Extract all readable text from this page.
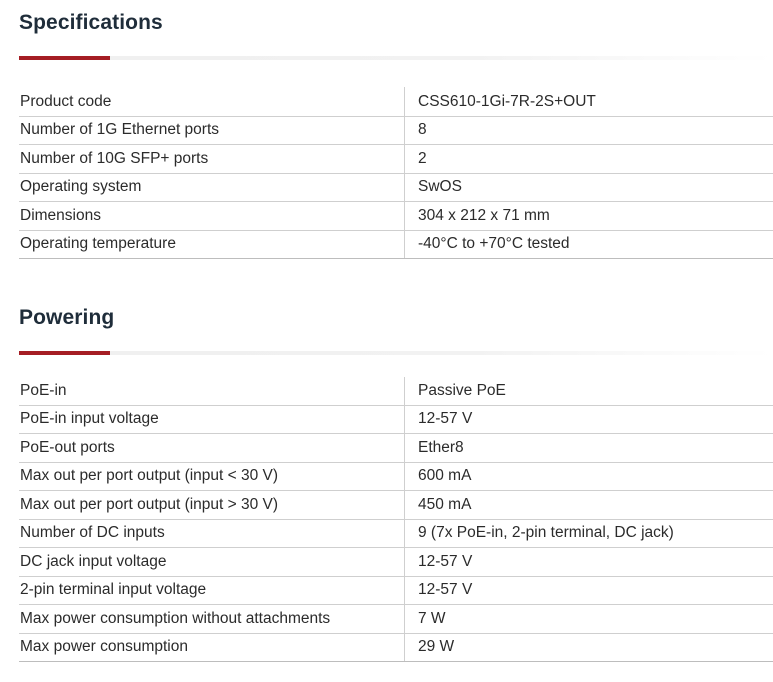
Specifications
Product code	CSS610-1Gi-7R-2S+OUT
Number of 1G Ethernet ports	8
Number of 10G SFP+ ports	2
Operating system	SwOS
Dimensions	304 x 212 x 71 mm
Operating temperature	-40°C to +70°C tested
Powering
PoE-in	Passive PoE
PoE-in input voltage	12-57 V
PoE-out ports	Ether8
Max out per port output (input < 30 V)	600 mA
Max out per port output (input > 30 V)	450 mA
Number of DC inputs	9 (7x PoE-in, 2-pin terminal, DC jack)
DC jack input voltage	12-57 V
2-pin terminal input voltage	12-57 V
Max power consumption without attachments	7 W
Max power consumption	29 W
